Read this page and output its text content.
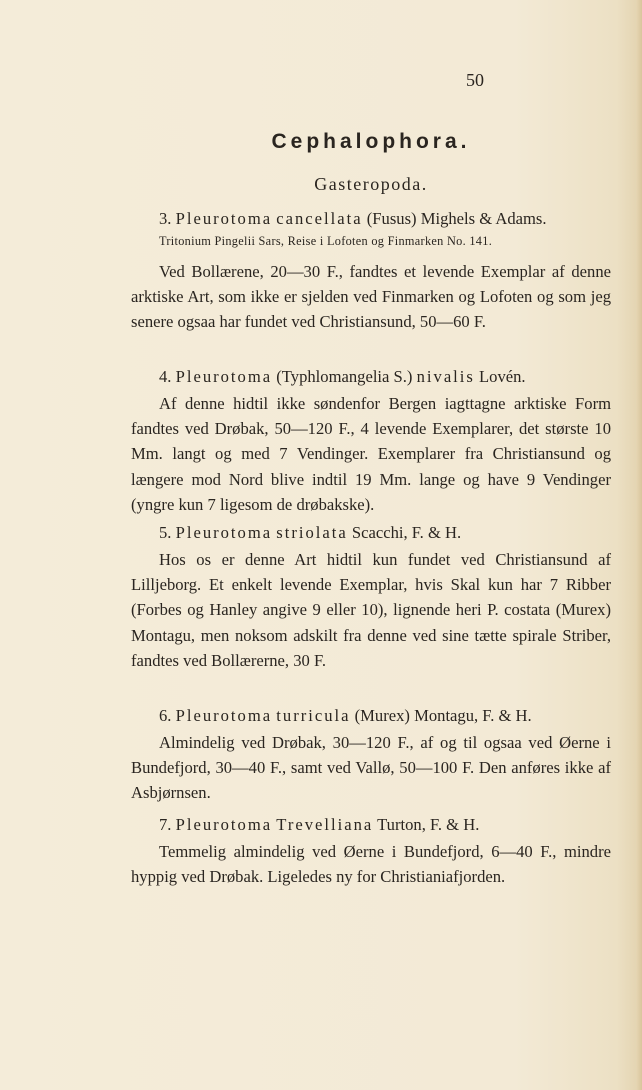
50
Cephalophora.
Gasteropoda.

3. Pleurotoma cancellata (Fusus) Mighels & Adams.

Tritonium Pingelii Sars, Reise i Lofoten og Finmarken No. 141.

Ved Bollærene, 20—30 F., fandtes et levende Exemplar af denne arktiske Art, som ikke er sjelden ved Finmarken og Lofoten og som jeg senere ogsaa har fundet ved Christiansund, 50—60 F.

4. Pleurotoma (Typhlomangelia S.) nivalis Lovén.

Af denne hidtil ikke søndenfor Bergen iagttagne arktiske Form fandtes ved Drøbak, 50—120 F., 4 levende Exemplarer, det største 10 Mm. langt og med 7 Vendinger. Exemplarer fra Christiansund og længere mod Nord blive indtil 19 Mm. lange og have 9 Vendinger (yngre kun 7 ligesom de drøbakske).

5. Pleurotoma striolata Scacchi, F. & H.

Hos os er denne Art hidtil kun fundet ved Christiansund af Lilljeborg. Et enkelt levende Exemplar, hvis Skal kun har 7 Ribber (Forbes og Hanley angive 9 eller 10), lignende heri P. costata (Murex) Montagu, men noksom adskilt fra denne ved sine tætte spirale Striber, fandtes ved Bollærerne, 30 F.

6. Pleurotoma turricula (Murex) Montagu, F. & H.

Almindelig ved Drøbak, 30—120 F., af og til ogsaa ved Øerne i Bundefjord, 30—40 F., samt ved Vallø, 50—100 F. Den anføres ikke af Asbjørnsen.

7. Pleurotoma Trevelliana Turton, F. & H.

Temmelig almindelig ved Øerne i Bundefjord, 6—40 F., mindre hyppig ved Drøbak. Ligeledes ny for Christianiafjorden.
